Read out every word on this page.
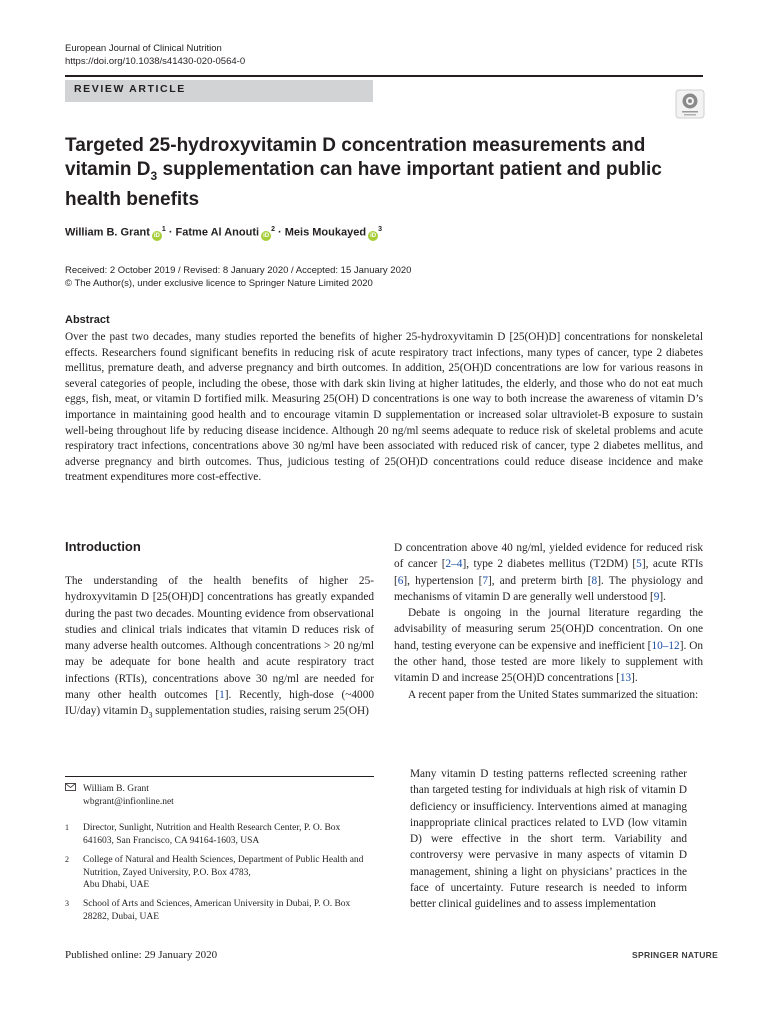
European Journal of Clinical Nutrition
https://doi.org/10.1038/s41430-020-0564-0
REVIEW ARTICLE
Targeted 25-hydroxyvitamin D concentration measurements and
vitamin $D_3$ supplementation can have important patient and public
health benefits
William B. Grant $iD^1$ · Fatme Al Anouti $iD^2$ · Meis Moukayed $iD^3$
Received: 2 October 2019 / Revised: 8 January 2020 / Accepted: 15 January 2020
© The Author(s), under exclusive licence to Springer Nature Limited 2020
Abstract

Over the past two decades, many studies reported the benefits of higher 25-hydroxyvitamin D [25(OH)D] concentrations for nonskeletal effects. Researchers found significant benefits in reducing risk of acute respiratory tract infections, many types of cancer, type 2 diabetes mellitus, premature death, and adverse pregnancy and birth outcomes. In addition, 25(OH)D concentrations are low for various reasons in several categories of people, including the obese, those with dark skin living at higher latitudes, the elderly, and those who do not eat much eggs, fish, meat, or vitamin D fortified milk. Measuring 25(OH) D concentrations is one way to both increase the awareness of vitamin D’s importance in maintaining good health and to encourage vitamin D supplementation or increased solar ultraviolet-B exposure to sustain well-being throughout life by reducing disease incidence. Although 20 ng/ml seems adequate to reduce risk of skeletal problems and acute respiratory tract infections, concentrations above 30 ng/ml have been associated with reduced risk of cancer, type 2 diabetes mellitus, and adverse pregnancy and birth outcomes. Thus, judicious testing of 25(OH)D concentrations could reduce disease incidence and make treatment expenditures more cost-effective.

Introduction

The understanding of the health benefits of higher 25-hydroxyvitamin D [25(OH)D] concentrations has greatly expanded during the past two decades. Mounting evidence from observational studies and clinical trials indicates that vitamin D reduces risk of many adverse health outcomes. Although concentrations > 20 ng/ml may be adequate for bone health and acute respiratory tract infections (RTIs), concentrations above 30 ng/ml are needed for many other health outcomes [1]. Recently, high-dose (~4000 IU/day) vitamin $D_3$ supplementation studies, raising serum 25(OH)

D concentration above 40 ng/ml, yielded evidence for reduced risk of cancer [2–4], type 2 diabetes mellitus (T2DM) [5], acute RTIs [6], hypertension [7], and preterm birth [8]. The physiology and mechanisms of vitamin D are generally well understood [9].

Debate is ongoing in the journal literature regarding the advisability of measuring serum 25(OH)D concentration. On one hand, testing everyone can be expensive and inefficient [10–12]. On the other hand, those tested are more likely to supplement with vitamin D and increase 25(OH)D concentrations [13].

A recent paper from the United States summarized the situation:

Many vitamin D testing patterns reflected screening rather than targeted testing for individuals at high risk of vitamin D deficiency or insufficiency. Interventions aimed at managing inappropriate clinical practices related to LVD (low vitamin D) were effective in the short term. Variability and controversy were pervasive in many aspects of vitamin D management, shining a light on physicians’ practices in the face of uncertainty. Future research is needed to inform better clinical guidelines and to assess implementation

William B. Grant
wbgrant@infionline.net
1	Director, Sunlight, Nutrition and Health Research Center, P. O. Box 641603, San Francisco, CA 94164-1603, USA
2	College of Natural and Health Sciences, Department of Public Health and Nutrition, Zayed University, P.O. Box 4783,
Abu Dhabi, UAE
3	School of Arts and Sciences, American University in Dubai, P. O. Box 28282, Dubai, UAE
Published online: 29 January 2020	SPRINGER NATURE
